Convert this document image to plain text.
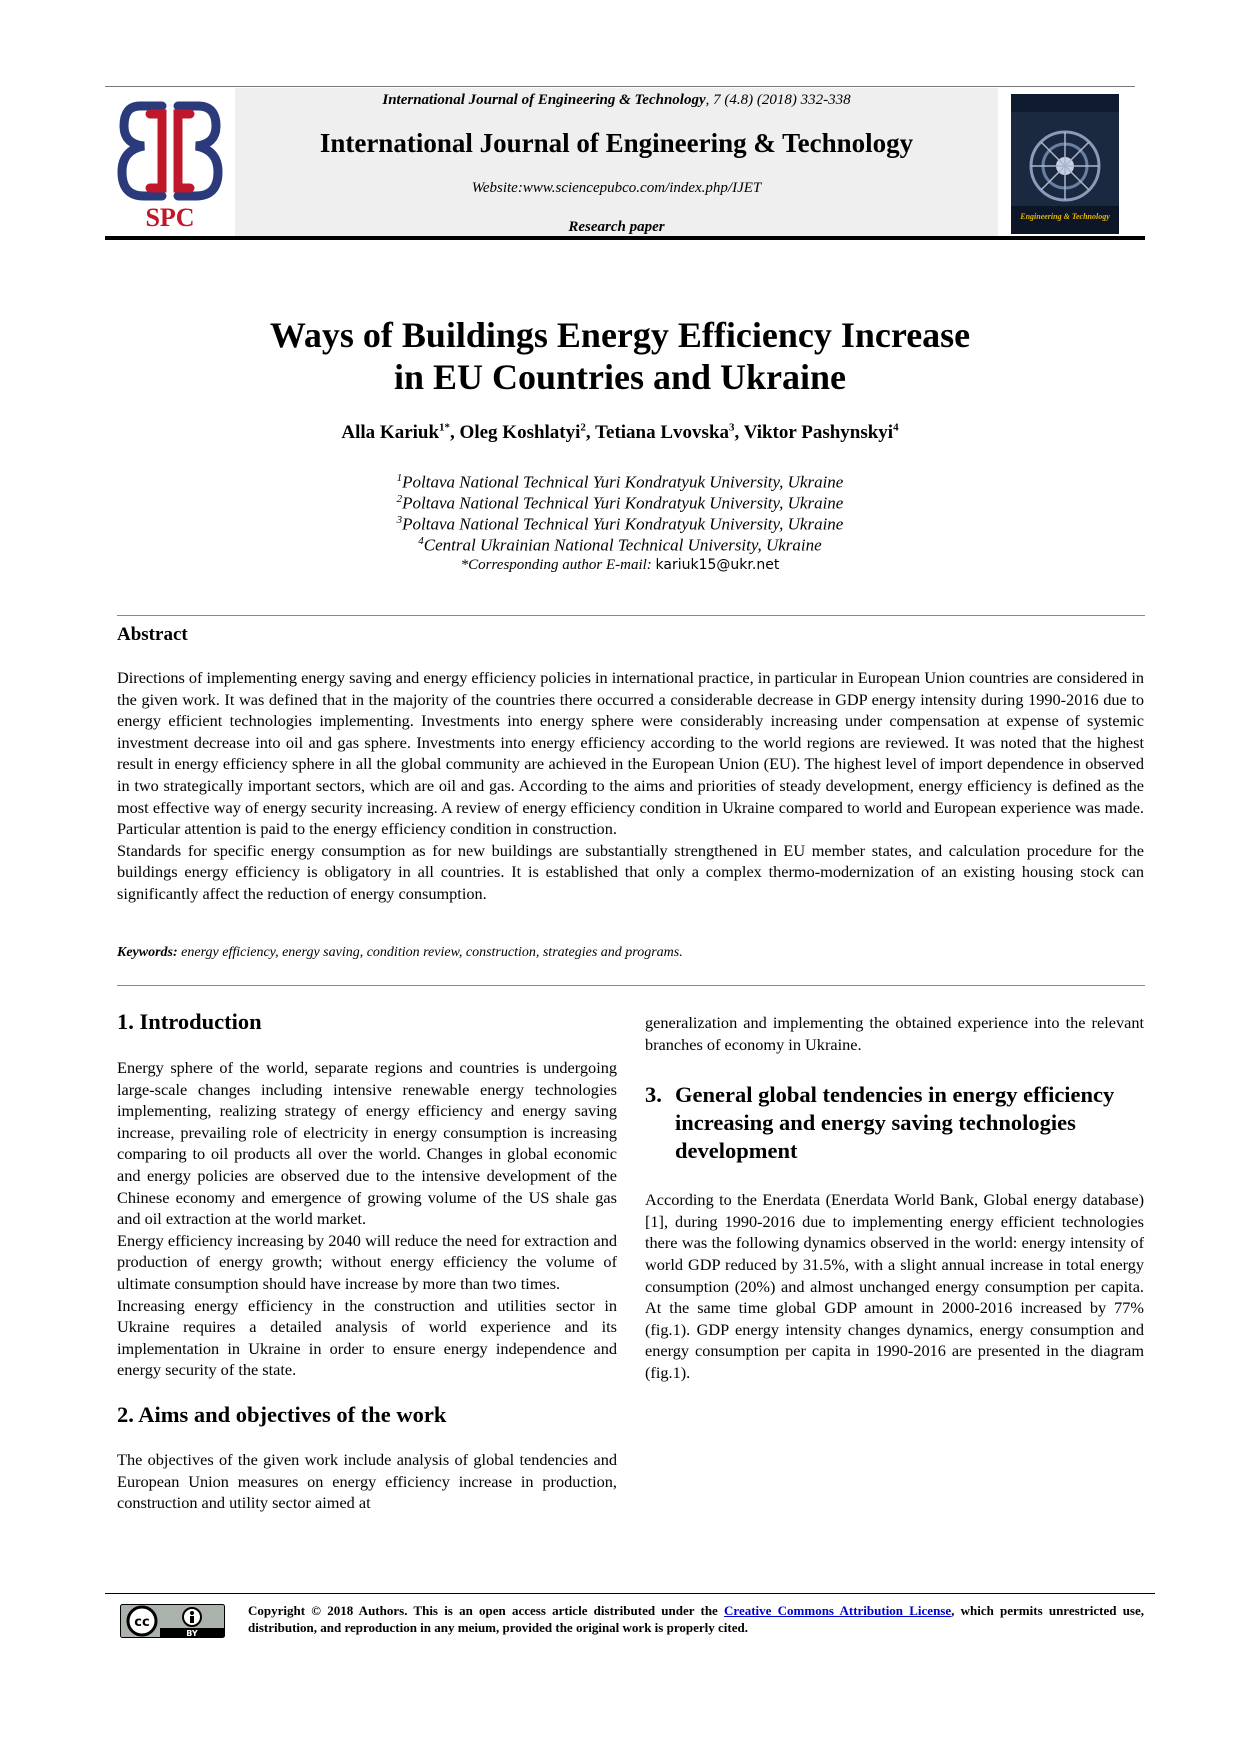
SPC
International Journal of Engineering & Technology, 7 (4.8) (2018) 332-338
International Journal of Engineering & Technology
Website:www.sciencepubco.com/index.php/IJET
Research paper
Engineering & Technology
Ways of Buildings Energy Efficiency Increase
in EU Countries and Ukraine
Alla Kariuk$^{1*}$, Oleg Koshlatyi$^2$, Tetiana Lvovska$^3$, Viktor Pashynskyi$^4$
$^1$Poltava National Technical Yuri Kondratyuk University, Ukraine
$^2$Poltava National Technical Yuri Kondratyuk University, Ukraine
$^3$Poltava National Technical Yuri Kondratyuk University, Ukraine
$^4$Central Ukrainian National Technical University, Ukraine
*Corresponding author E-mail: kariuk15@ukr.net
Abstract

Directions of implementing energy saving and energy efficiency policies in international practice, in particular in European Union countries are considered in the given work. It was defined that in the majority of the countries there occurred a considerable decrease in GDP energy intensity during 1990-2016 due to energy efficient technologies implementing. Investments into energy sphere were considerably increasing under compensation at expense of systemic investment decrease into oil and gas sphere. Investments into energy efficiency according to the world regions are reviewed. It was noted that the highest result in energy efficiency sphere in all the global community are achieved in the European Union (EU). The highest level of import dependence in observed in two strategically important sectors, which are oil and gas. According to the aims and priorities of steady development, energy efficiency is defined as the most effective way of energy security increasing. A review of energy efficiency condition in Ukraine compared to world and European experience was made. Particular attention is paid to the energy efficiency condition in construction.

Standards for specific energy consumption as for new buildings are substantially strengthened in EU member states, and calculation procedure for the buildings energy efficiency is obligatory in all countries. It is established that only a complex thermo-modernization of an existing housing stock can significantly affect the reduction of energy consumption.

Keywords: energy efficiency, energy saving, condition review, construction, strategies and programs.
1. Introduction

Energy sphere of the world, separate regions and countries is undergoing large-scale changes including intensive renewable energy technologies implementing, realizing strategy of energy efficiency and energy saving increase, prevailing role of electricity in energy consumption is increasing comparing to oil products all over the world. Changes in global economic and energy policies are observed due to the intensive development of the Chinese economy and emergence of growing volume of the US shale gas and oil extraction at the world market.

Energy efficiency increasing by 2040 will reduce the need for extraction and production of energy growth; without energy efficiency the volume of ultimate consumption should have increase by more than two times.

Increasing energy efficiency in the construction and utilities sector in Ukraine requires a detailed analysis of world experience and its implementation in Ukraine in order to ensure energy independence and energy security of the state.

2. Aims and objectives of the work

The objectives of the given work include analysis of global tendencies and European Union measures on energy efficiency increase in production, construction and utility sector aimed at

generalization and implementing the obtained experience into the relevant branches of economy in Ukraine.

3. General global tendencies in energy efficiency increasing and energy saving technologies development

According to the Enerdata (Enerdata World Bank, Global energy database) [1], during 1990-2016 due to implementing energy efficient technologies there was the following dynamics observed in the world: energy intensity of world GDP reduced by 31.5%, with a slight annual increase in total energy consumption (20%) and almost unchanged energy consumption per capita. At the same time global GDP amount in 2000-2016 increased by 77% (fig.1). GDP energy intensity changes dynamics, energy consumption and energy consumption per capita in 1990-2016 are presented in the diagram (fig.1).

cc
BY
Copyright © 2018 Authors. This is an open access article distributed under the Creative Commons Attribution License, which permits unrestricted use, distribution, and reproduction in any meium, provided the original work is properly cited.
